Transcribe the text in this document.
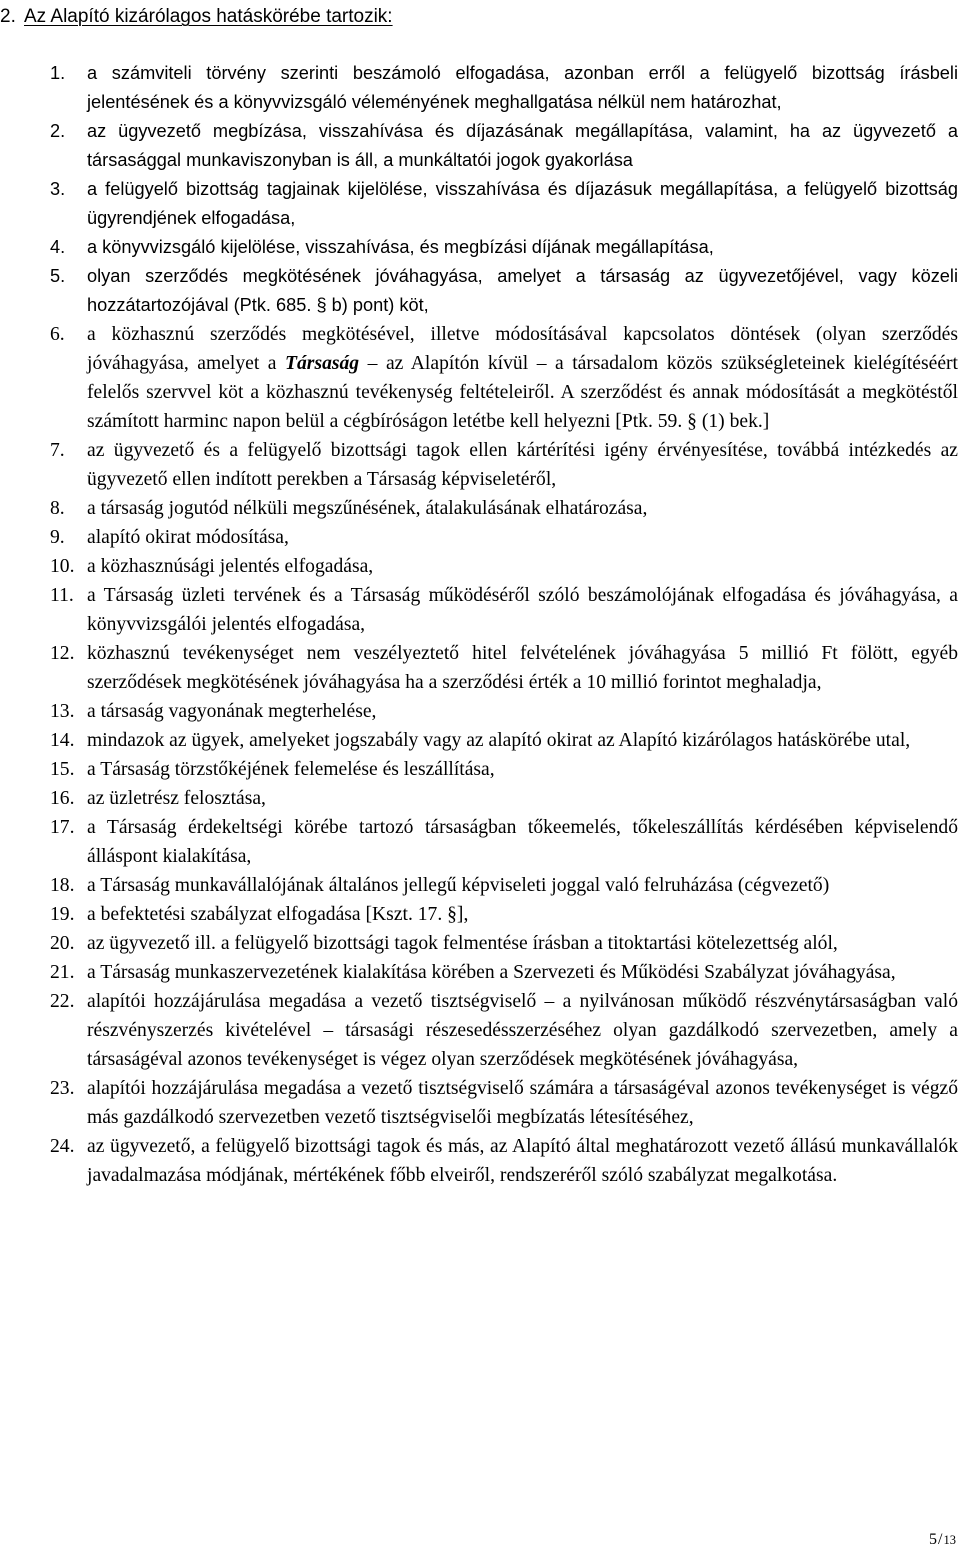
2. Az Alapító kizárólagos hatáskörébe tartozik:
1.	a számviteli törvény szerinti beszámoló elfogadása, azonban erről a felügyelő bizottság írásbeli jelentésének és a könyvvizsgáló véleményének meghallgatása nélkül nem határozhat,
2.	az ügyvezető megbízása, visszahívása és díjazásának megállapítása, valamint, ha az ügyvezető a társasággal munkaviszonyban is áll, a munkáltatói jogok gyakorlása
3.	a felügyelő bizottság tagjainak kijelölése, visszahívása és díjazásuk megállapítása, a felügyelő bizottság ügyrendjének elfogadása,
4.	a könyvvizsgáló kijelölése, visszahívása, és megbízási díjának megállapítása,
5.	olyan szerződés megkötésének jóváhagyása, amelyet a társaság az ügyvezetőjével, vagy közeli hozzátartozójával (Ptk. 685. § b) pont) köt,
6.	a közhasznú szerződés megkötésével, illetve módosításával kapcsolatos döntések (olyan szerződés jóváhagyása, amelyet a Társaság – az Alapítón kívül – a társadalom közös szükségleteinek kielégítéséért felelős szervvel köt a közhasznú tevékenység feltételeiről. A szerződést és annak módosítását a megkötéstől számított harminc napon belül a cégbíróságon letétbe kell helyezni [Ptk. 59. § (1) bek.]
7.	az ügyvezető és a felügyelő bizottsági tagok ellen kártérítési igény érvényesítése, továbbá intézkedés az ügyvezető ellen indított perekben a Társaság képviseletéről,
8.	a társaság jogutód nélküli megszűnésének, átalakulásának elhatározása,
9.	alapító okirat módosítása,
10. a közhasznúsági jelentés elfogadása,
11. a Társaság üzleti tervének és a Társaság működéséről szóló beszámolójának elfogadása és jóváhagyása, a könyvvizsgálói jelentés elfogadása,
12. közhasznú tevékenységet nem veszélyeztető hitel felvételének jóváhagyása 5 millió Ft fölött, egyéb szerződések megkötésének jóváhagyása ha a szerződési érték a 10 millió forintot meghaladja,
13. a társaság vagyonának megterhelése,
14. mindazok az ügyek, amelyeket jogszabály vagy az alapító okirat az Alapító kizárólagos hatáskörébe utal,
15. a Társaság törzstőkéjének felemelése és leszállítása,
16. az üzletrész felosztása,
17. a Társaság érdekeltségi körébe tartozó társaságban tőkeemelés, tőkeleszállítás kérdésében képviselendő álláspont kialakítása,
18. a Társaság munkavállalójának általános jellegű képviseleti joggal való felruházása (cégvezető)
19. a befektetési szabályzat elfogadása [Kszt. 17. §],
20. az ügyvezető ill. a felügyelő bizottsági tagok felmentése írásban a titoktartási kötelezettség alól,
21. a Társaság munkaszervezetének kialakítása körében a Szervezeti és Működési Szabályzat jóváhagyása,
22. alapítói hozzájárulása megadása a vezető tisztségviselő – a nyilvánosan működő részvénytársaságban való részvényszerzés kivételével – társasági részesedésszerzéséhez olyan gazdálkodó szervezetben, amely a társaságéval azonos tevékenységet is végez olyan szerződések megkötésének jóváhagyása,
23. alapítói hozzájárulása megadása a vezető tisztségviselő számára a társaságéval azonos tevékenységet is végző más gazdálkodó szervezetben vezető tisztségviselői megbízatás létesítéséhez,
24. az ügyvezető, a felügyelő bizottsági tagok és más, az Alapító által meghatározott vezető állású munkavállalók javadalmazása módjának, mértékének főbb elveiről, rendszeréről szóló szabályzat megalkotása.
5/13
